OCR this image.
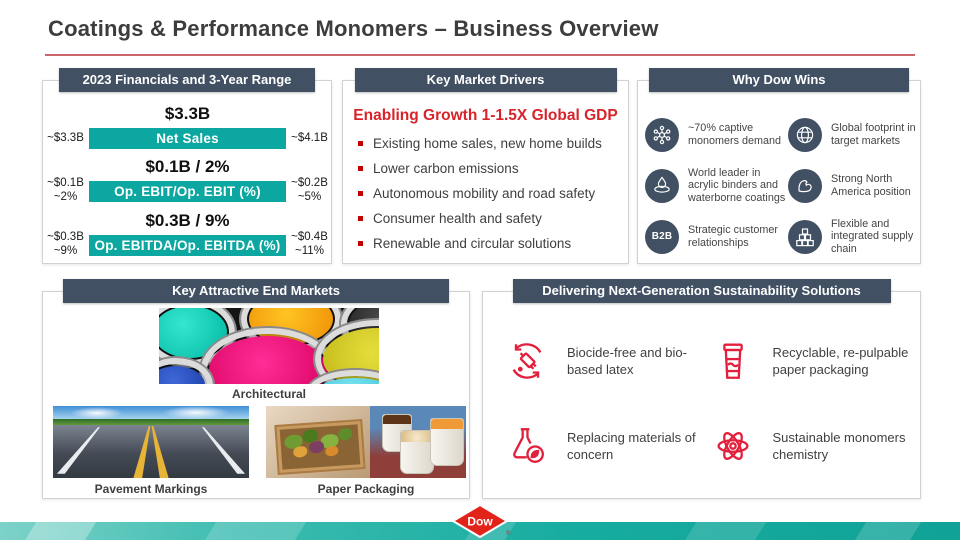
Coatings & Performance Monomers – Business Overview
2023 Financials and 3-Year Range
$3.3B
Net Sales
~$3.3B	~$4.1B
$0.1B / 2%
Op. EBIT/Op. EBIT (%)
~$0.1B
~2%
~$0.2B
~5%
$0.3B / 9%
Op. EBITDA/Op. EBITDA (%)
~$0.3B
~9%
~$0.4B
~11%
Key Market Drivers
Enabling Growth 1-1.5X Global GDP
Existing home sales, new home builds
Lower carbon emissions
Autonomous mobility and road safety
Consumer health and safety
Renewable and circular solutions
Why Dow Wins

~70% captive monomers demand

Global footprint in target markets

World leader in acrylic binders and waterborne coatings

Strong North America position

B2B

Strategic customer relationships

Flexible and integrated supply chain

Key Attractive End Markets
Architectural
Pavement Markings	Paper Packaging
Delivering Next-Generation Sustainability Solutions

Biocide-free and bio-based latex

Recyclable, re-pulpable paper packaging

Replacing materials of concern

Sustainable monomers chemistry

Dow
®
